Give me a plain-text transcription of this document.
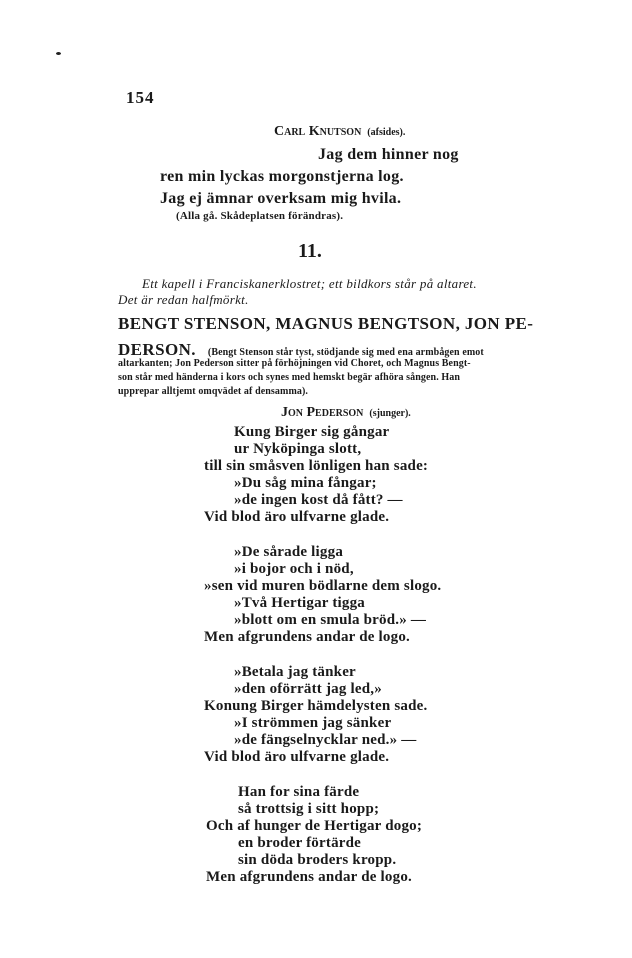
154
Carl Knutson (afsides).
Jag dem hinner nog
ren min lyckas morgonstjerna log.
Jag ej ämnar overksam mig hvila.
(Alla gå. Skådeplatsen förändras).
11.
Ett kapell i Franciskanerklostret; ett bildkors står på altaret.
Det är redan halfmörkt.
BENGT STENSON, MAGNUS BENGTSON, JON PE-
DERSON. (Bengt Stenson står tyst, stödjande sig med ena armbågen emot
altarkanten; Jon Pederson sitter på förhöjningen vid Choret, och Magnus Bengt-
son står med händerna i kors och synes med hemskt begär afhöra sången. Han
upprepar alltjemt omqvädet af densamma).
Jon Pederson (sjunger).
Kung Birger sig gångar
ur Nyköpinga slott,
till sin småsven lönligen han sade:
»Du såg mina fångar;
»de ingen kost då fått? —
Vid blod äro ulfvarne glade.
»De sårade ligga
»i bojor och i nöd,
»sen vid muren bödlarne dem slogo.
»Två Hertigar tigga
»blott om en smula bröd.» —
Men afgrundens andar de logo.
»Betala jag tänker
»den oförrätt jag led,»
Konung Birger hämdelysten sade.
»I strömmen jag sänker
»de fängselnycklar ned.» —
Vid blod äro ulfvarne glade.
Han for sina färde
så trottsig i sitt hopp;
Och af hunger de Hertigar dogo;
en broder förtärde
sin döda broders kropp.
Men afgrundens andar de logo.
